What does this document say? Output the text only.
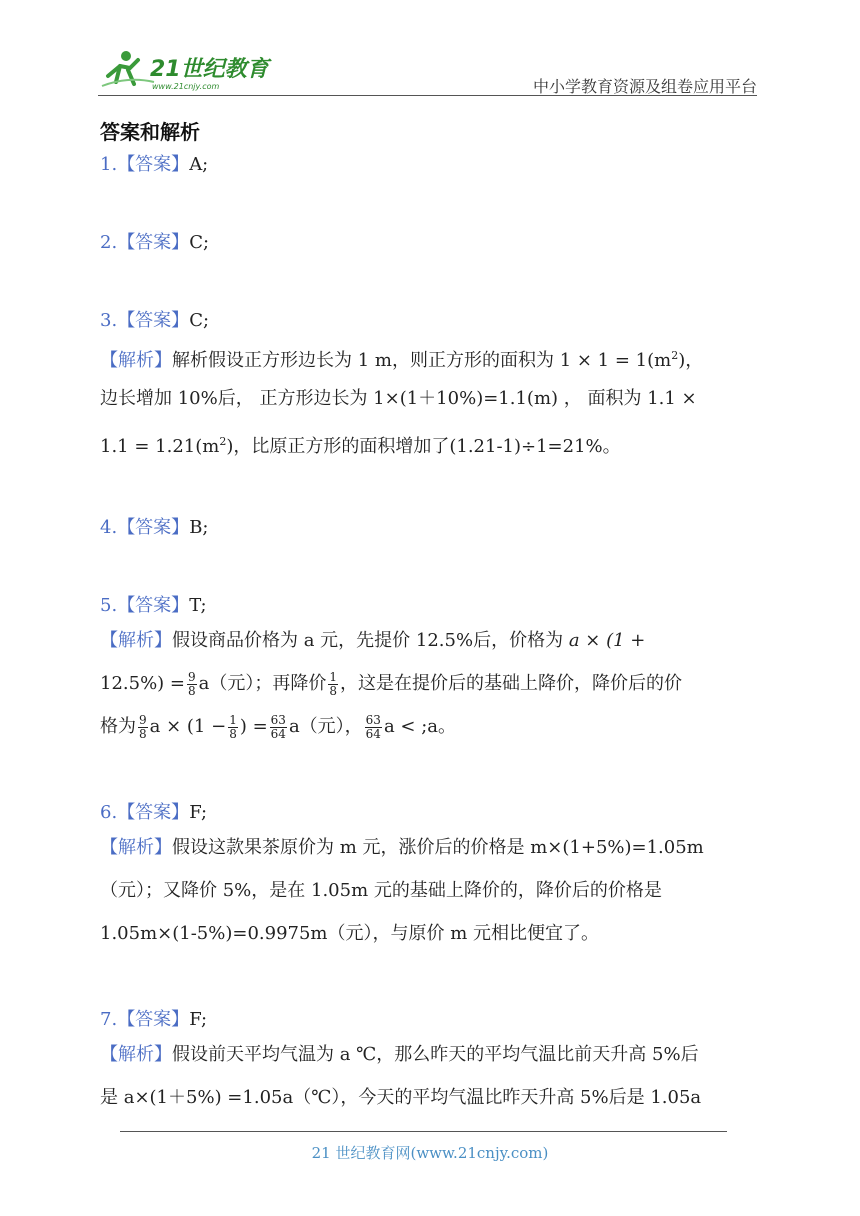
21世纪教育
www.21cnjy.com	中小学教育资源及组卷应用平台
答案和解析
1.【答案】A;
2.【答案】C;
3.【答案】C;
【解析】解析假设正方形边长为 1 m，则正方形的面积为 $1 \times 1 = 1(m^2)$，
边长增加 10%后， 正方形边长为 1×(1＋10%)=1.1(m) ， 面积为 1.1 ×
$1.1 = 1.21(m^2)$，比原正方形的面积增加了(1.21-1)÷1=21%。
4.【答案】B;
5.【答案】T;
【解析】假设商品价格为 a 元，先提价 12.5%后，价格为 a × (1 +
$12.5\%) = \frac{9}{8} a$（元）；再降价 $\frac{1}{8}$ ，这是在提价后的基础上降价，降价后的价
格为 $\frac{9}{8}$ $a \times (1 - \frac{1}{8}$ ) = $\frac{63}{64} a$（元）， $\frac{63}{64}$ a < ;a。
6.【答案】F;
【解析】假设这款果茶原价为 m 元，涨价后的价格是 m×(1+5%)=1.05m
（元）；又降价 5%，是在 1.05m 元的基础上降价的，降价后的价格是
1.05m×(1-5%)=0.9975m（元），与原价 m 元相比便宜了。
7.【答案】F;
【解析】假设前天平均气温为 a ℃，那么昨天的平均气温比前天升高 5%后
是 a×(1＋5%) =1.05a（℃），今天的平均气温比昨天升高 5%后是 1.05a
21 世纪教育网(www.21cnjy.com)
